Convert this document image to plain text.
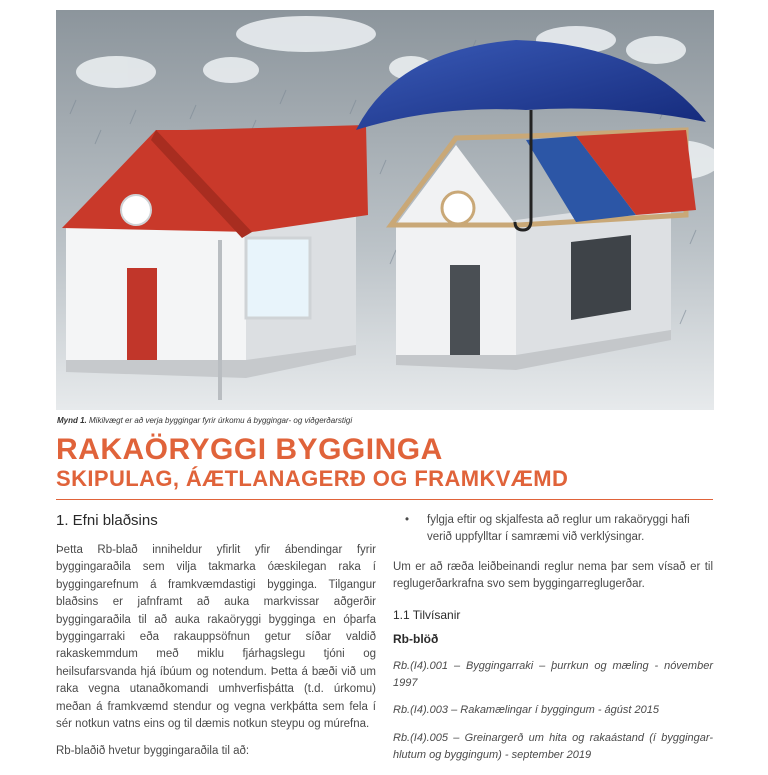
Mynd 1. Mikilvægt er að verja byggingar fyrir úrkomu á byggingar- og viðgerðarstigi
RAKAÖRYGGI BYGGINGA
SKIPULAG, ÁÆTLANAGERÐ OG FRAMKVÆMD
1. Efni blaðsins

Þetta Rb-blað inniheldur yfirlit yfir ábendingar fyrir byggingaraðila sem vilja takmarka óæskilegan raka í byggingarefnum á framkvæmdastigi bygginga. Tilgangur blaðsins er jafnframt að auka markvissar aðgerðir byggingaraðila til að auka rakaöryggi bygginga en óþarfa byggingarraki eða rakauppsöfnun getur síðar valdið rakaskemmdum með miklu fjárhagslegu tjóni og heilsufarsvanda hjá íbúum og notendum. Þetta á bæði við um raka vegna utanaðkomandi umhverfisþátta (t.d. úrkomu) meðan á framkvæmd stendur og vegna verkþátta sem fela í sér notkun vatns eins og til dæmis notkun steypu og múrefna.

Rb-blaðið hvetur byggingaraðila til að:

•	fylgja eftir og skjalfesta að reglur um rakaöryggi hafi verið uppfylltar í samræmi við verklýsingar.

Um er að ræða leiðbeinandi reglur nema þar sem vísað er til reglugerðarkrafna svo sem byggingarreglugerðar.

1.1 Tilvísanir
Rb-blöð
Rb.(I4).001 – Byggingarraki – þurrkun og mæling - nóvember 1997
Rb.(I4).003 – Rakamælingar í byggingum - ágúst 2015
Rb.(I4).005 – Greinargerð um hita og rakaástand (í byggingar-hlutum og byggingum) - september 2019
